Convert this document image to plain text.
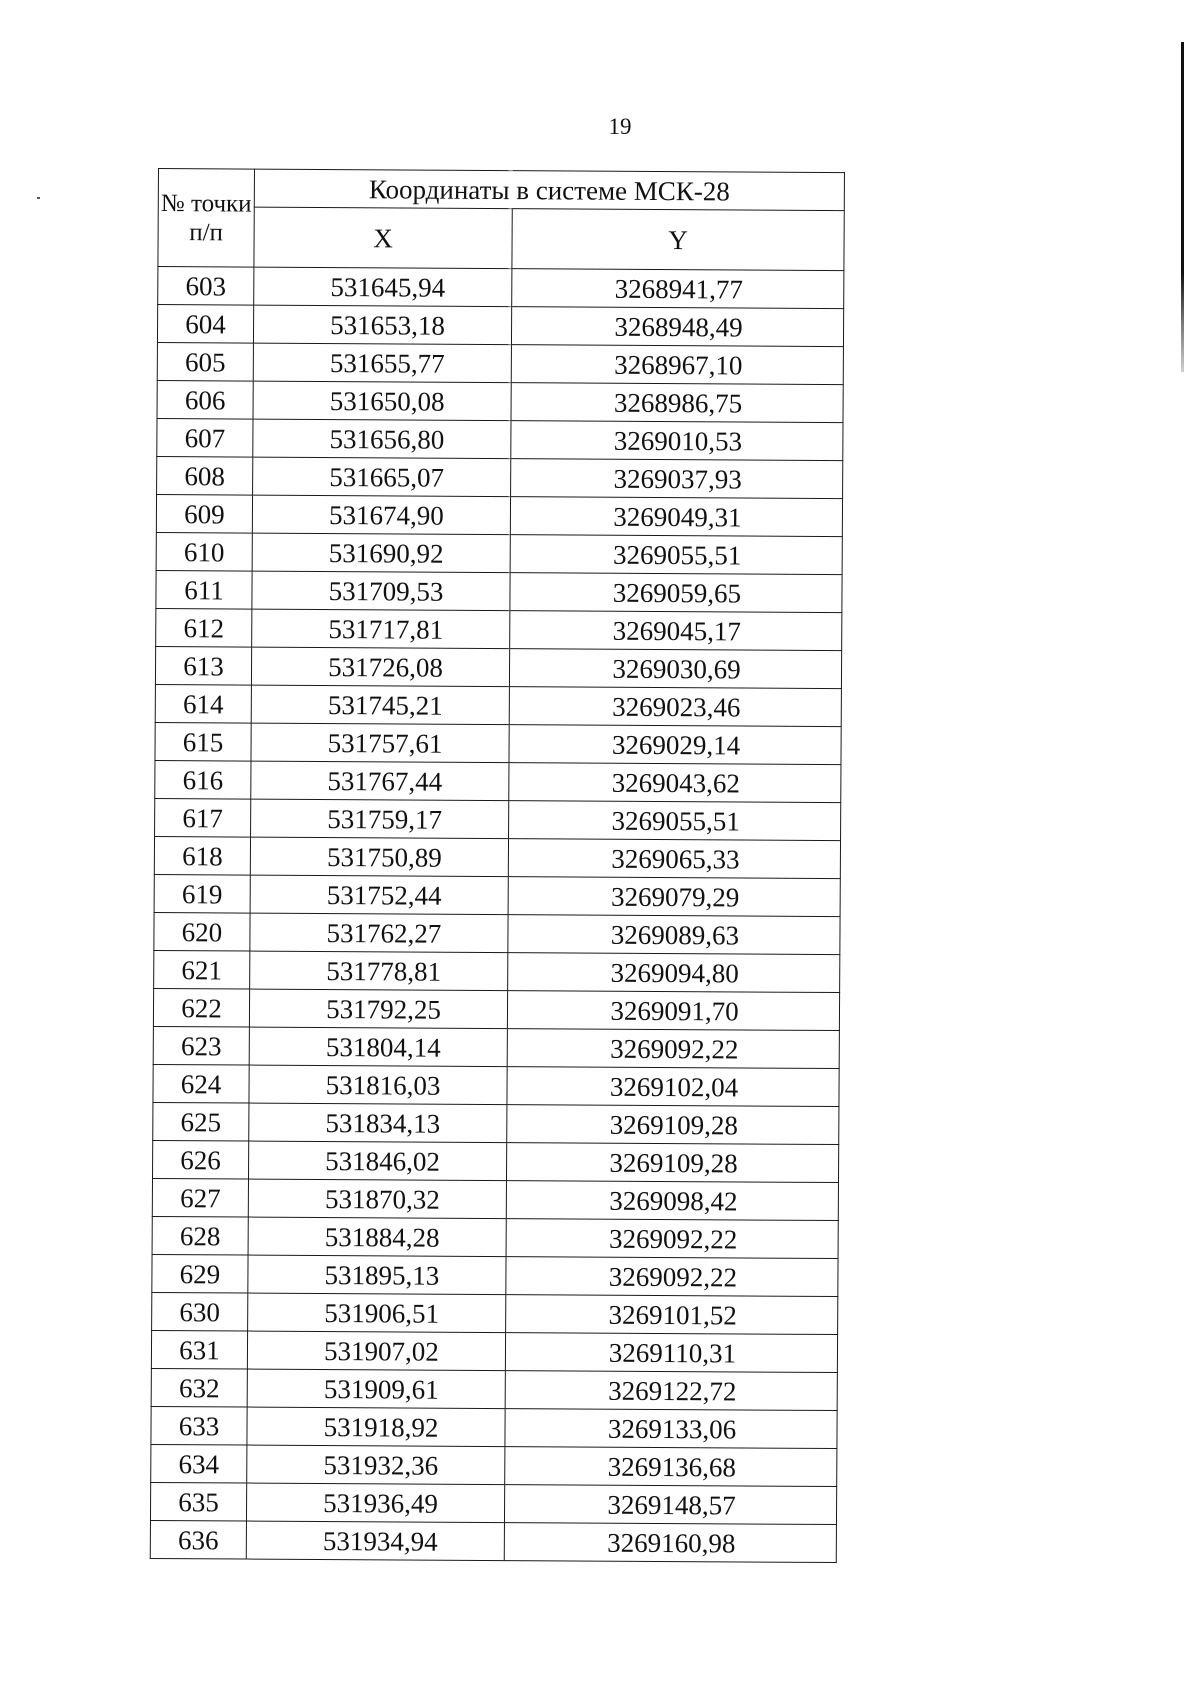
19
№ точки п/п	Координаты в системе МСК-28	
	X	Y
603	531645,94	3268941,77
604	531653,18	3268948,49
605	531655,77	3268967,10
606	531650,08	3268986,75
607	531656,80	3269010,53
608	531665,07	3269037,93
609	531674,90	3269049,31
610	531690,92	3269055,51
611	531709,53	3269059,65
612	531717,81	3269045,17
613	531726,08	3269030,69
614	531745,21	3269023,46
615	531757,61	3269029,14
616	531767,44	3269043,62
617	531759,17	3269055,51
618	531750,89	3269065,33
619	531752,44	3269079,29
620	531762,27	3269089,63
621	531778,81	3269094,80
622	531792,25	3269091,70
623	531804,14	3269092,22
624	531816,03	3269102,04
625	531834,13	3269109,28
626	531846,02	3269109,28
627	531870,32	3269098,42
628	531884,28	3269092,22
629	531895,13	3269092,22
630	531906,51	3269101,52
631	531907,02	3269110,31
632	531909,61	3269122,72
633	531918,92	3269133,06
634	531932,36	3269136,68
635	531936,49	3269148,57
636	531934,94	3269160,98
